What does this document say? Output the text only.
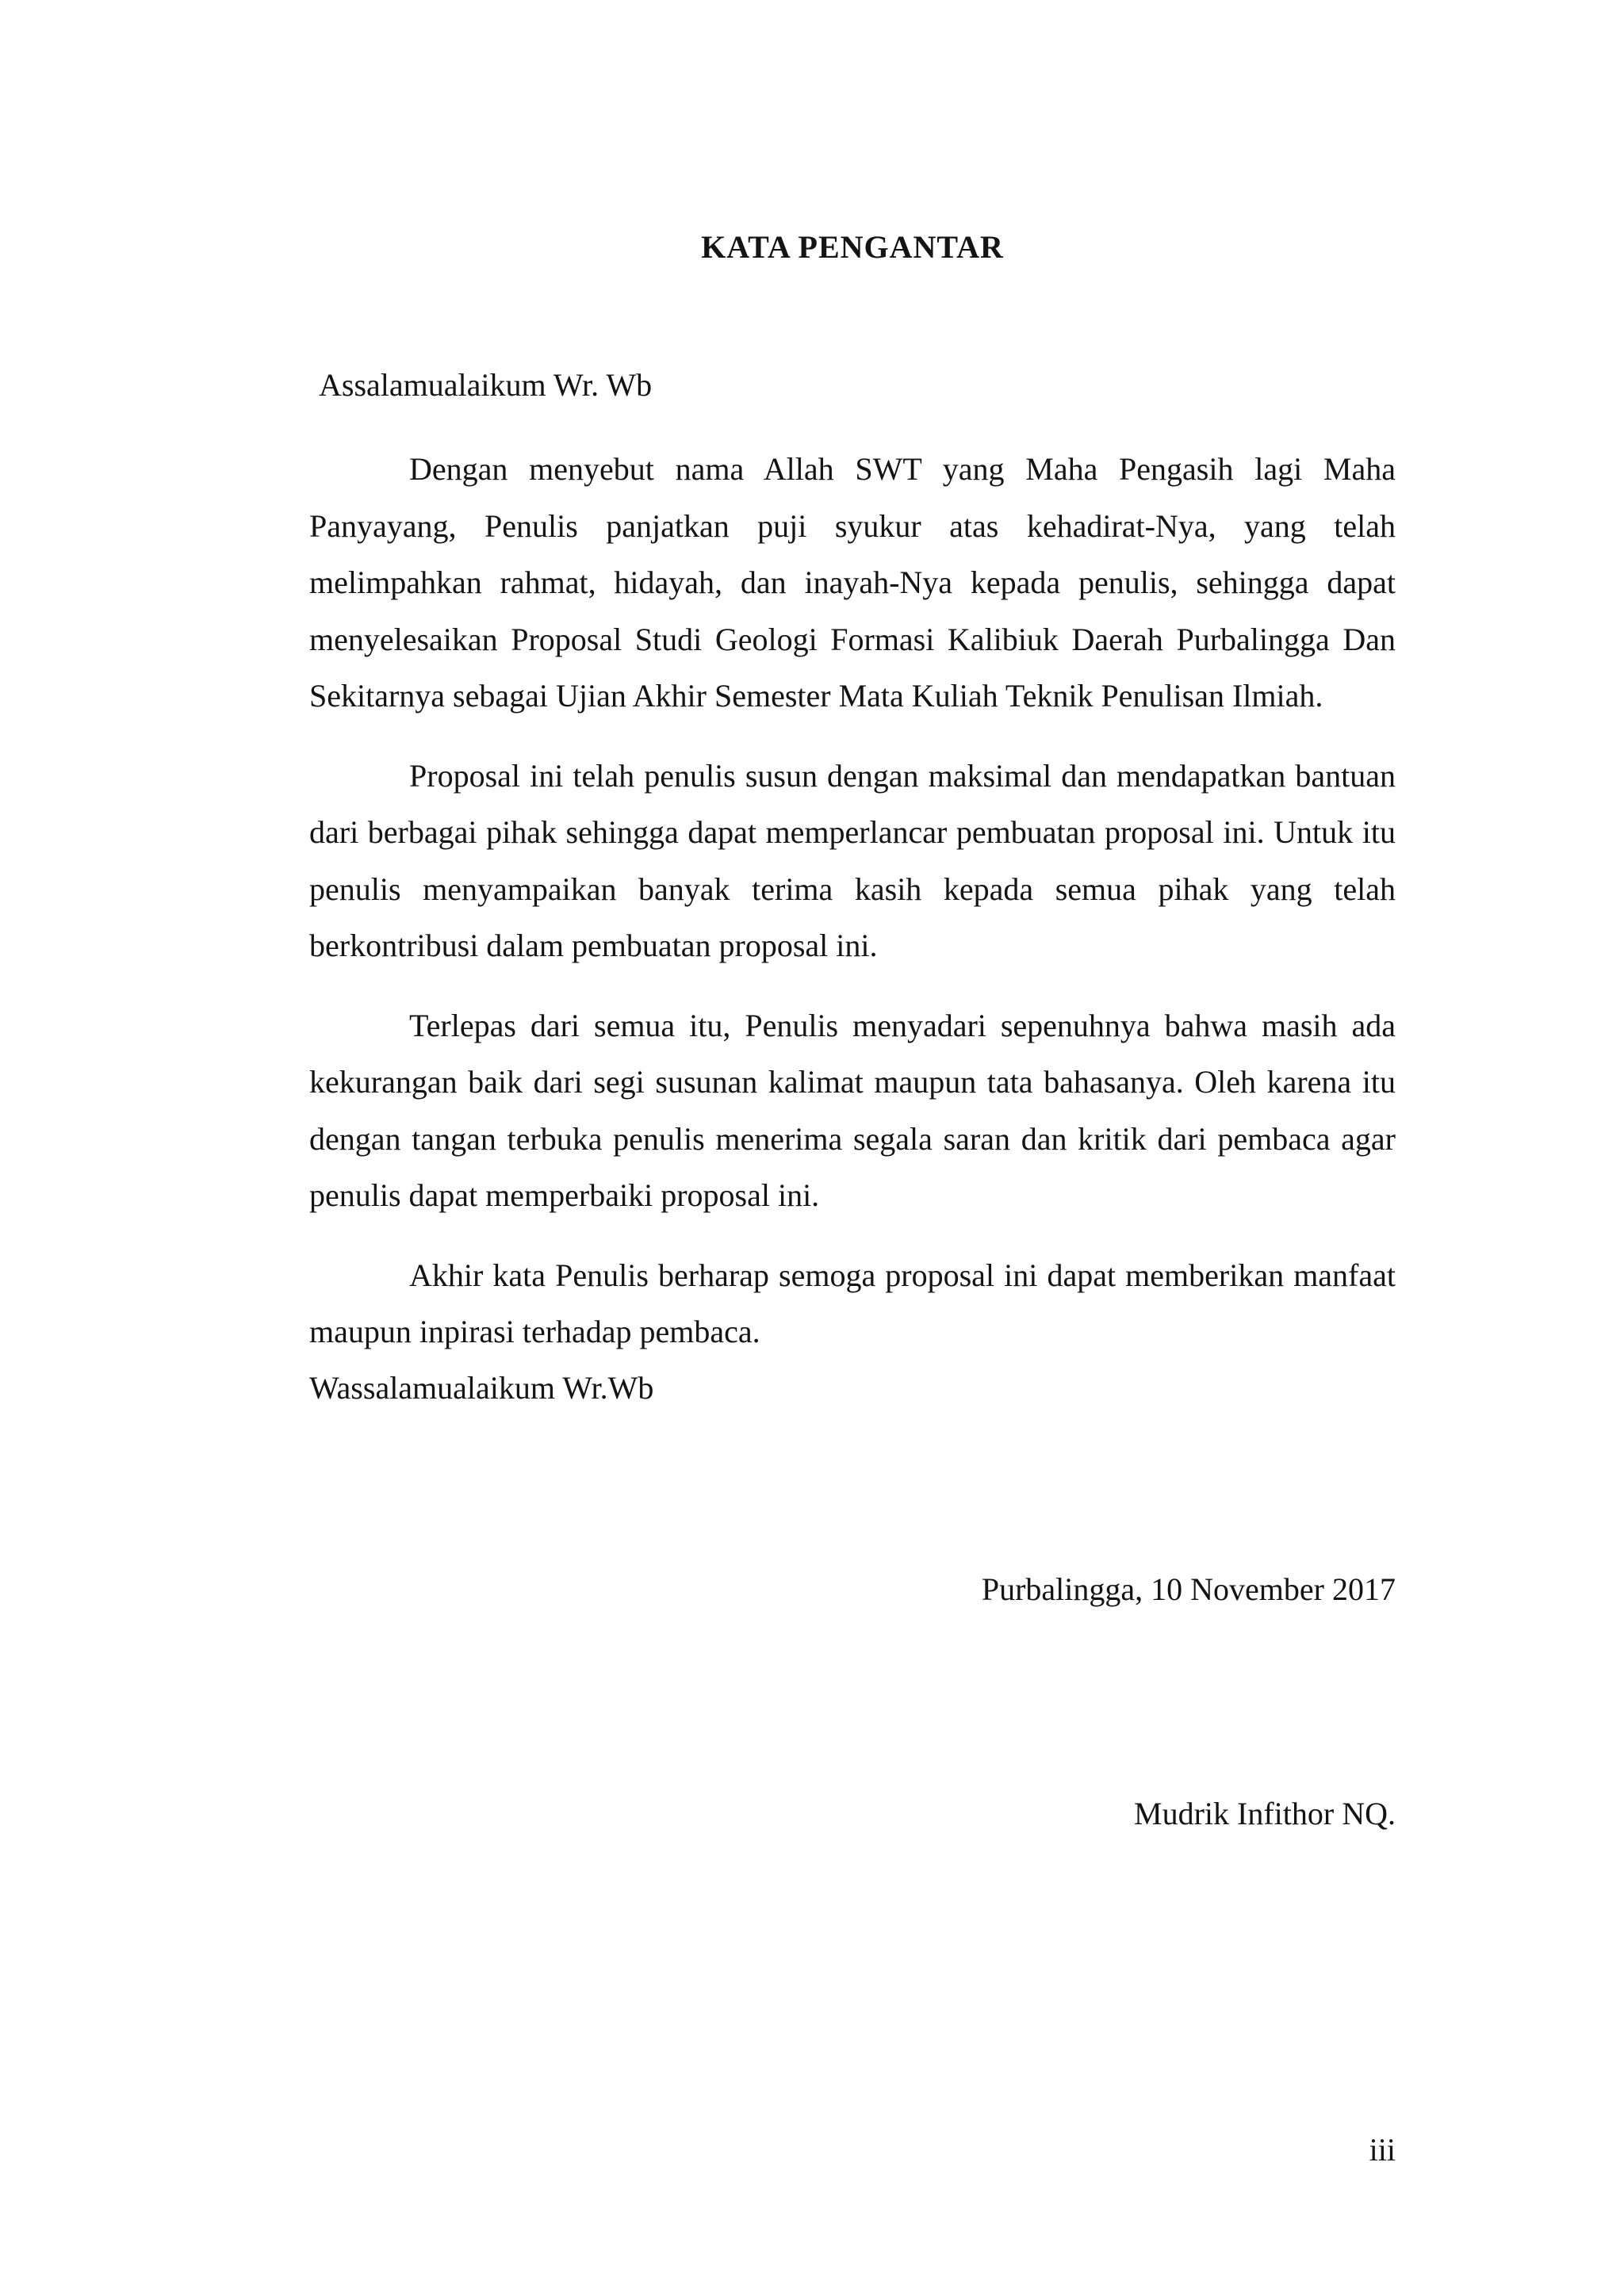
KATA PENGANTAR

Assalamualaikum Wr. Wb

Dengan menyebut nama Allah SWT yang Maha Pengasih lagi Maha Panyayang, Penulis panjatkan puji syukur atas kehadirat-Nya, yang telah melimpahkan rahmat, hidayah, dan inayah-Nya kepada penulis, sehingga dapat menyelesaikan Proposal Studi Geologi Formasi Kalibiuk Daerah Purbalingga Dan Sekitarnya sebagai Ujian Akhir Semester Mata Kuliah Teknik Penulisan Ilmiah.

Proposal ini telah penulis susun dengan maksimal dan mendapatkan bantuan dari berbagai pihak sehingga dapat memperlancar pembuatan proposal ini. Untuk itu penulis menyampaikan banyak terima kasih kepada semua pihak yang telah berkontribusi dalam pembuatan proposal ini.

Terlepas dari semua itu, Penulis menyadari sepenuhnya bahwa masih ada kekurangan baik dari segi susunan kalimat maupun tata bahasanya. Oleh karena itu dengan tangan terbuka penulis menerima segala saran dan kritik dari pembaca agar penulis dapat memperbaiki proposal ini.

Akhir kata Penulis berharap semoga proposal ini dapat memberikan manfaat maupun inpirasi terhadap pembaca.

Wassalamualaikum Wr.Wb

Purbalingga, 10 November 2017

Mudrik Infithor NQ.

iii
